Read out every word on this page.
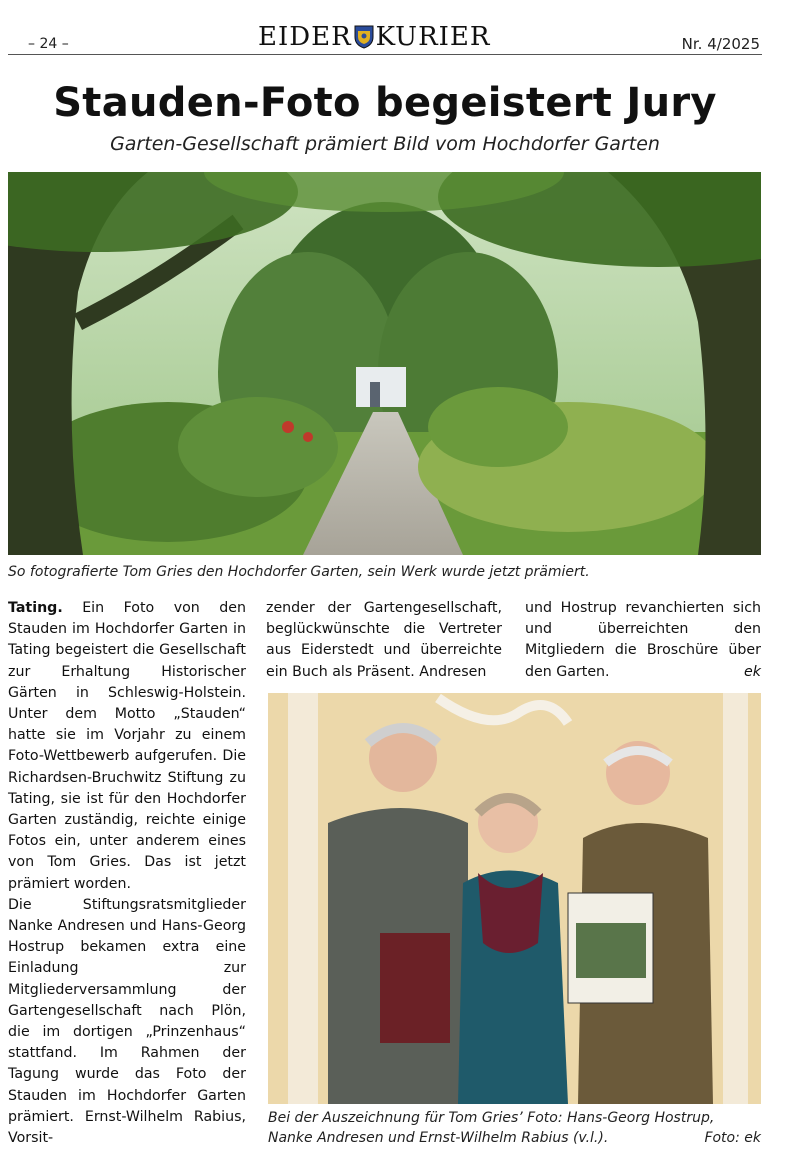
– 24 –	EIDER KURIER	Nr. 4/2025
Stauden-Foto begeistert Jury
Garten-Gesellschaft prämiert Bild vom Hochdorfer Garten
So fotografierte Tom Gries den Hochdorfer Garten, sein Werk wurde jetzt prämiert.

Tating. Ein Foto von den Stauden im Hochdorfer Garten in Tating begeistert die Gesellschaft zur Erhaltung Historischer Gärten in Schleswig-Holstein. Unter dem Motto „Stauden“ hatte sie im Vorjahr zu einem Foto-Wettbewerb aufgerufen. Die Richardsen-Bruchwitz Stiftung zu Tating, sie ist für den Hochdorfer Garten zuständig, reichte einige Fotos ein, unter anderem eines von Tom Gries. Das ist jetzt prämiert worden.

Die Stiftungsratsmitglieder Nanke Andresen und Hans-Georg Hostrup bekamen extra eine Einladung zur Mitgliederversammlung der Gartengesellschaft nach Plön, die im dortigen „Prinzenhaus“ stattfand. Im Rahmen der Tagung wurde das Foto der Stauden im Hochdorfer Garten prämiert. Ernst-Wilhelm Rabius, Vorsit-

zender der Gartengesellschaft, beglückwünschte die Vertreter aus Eiderstedt und überreichte ein Buch als Präsent. Andresen

und Hostrup revanchierten sich und überreichten den Mitgliedern die Broschüre über den Garten.	ek

Bei der Auszeichnung für Tom Gries’ Foto: Hans-Georg Hostrup, Nanke Andresen und Ernst-Wilhelm Rabius (v.l.).	Foto: ek
